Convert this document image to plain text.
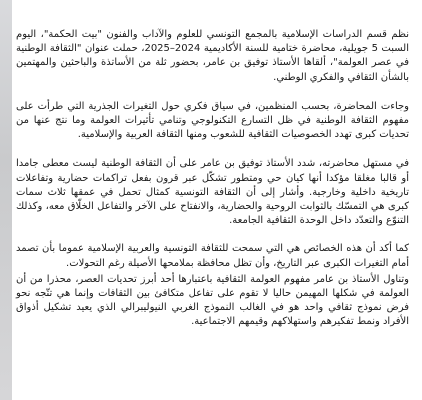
نظم قسم الدراسات الإسلامية بالمجمع التونسي للعلوم والآداب والفنون "بيت الحكمة"، اليوم السبت 5 جويلية، محاضرة ختامية للسنة الأكاديمية 2024–2025، حملت عنوان "الثقافة الوطنية في عصر العولمة"، ألقاها الأستاذ توفيق بن عامر، بحضور ثلة من الأساتذة والباحثين والمهتمين بالشأن الثقافي والفكري الوطني.

وجاءت المحاضرة، بحسب المنظمين، في سياق فكري حول التغيرات الجذرية التي طرأت على مفهوم الثقافة الوطنية في ظل التسارع التكنولوجي وتنامي تأثيرات العولمة وما نتج عنها من تحديات كبرى تهدد الخصوصيات الثقافية للشعوب ومنها الثقافة العربية والإسلامية.

في مستهل محاضرته، شدد الأستاذ توفيق بن عامر على أن الثقافة الوطنية ليست معطى جامدا أو قالبا مغلقا مؤكدا أنها كيان حي ومتطور تشكّل عبر قرون بفعل تراكمات حضارية وتفاعلات تاريخية داخلية وخارجية. وأشار إلى أن الثقافة التونسية كمثال تحمل في عمقها ثلاث سمات كبرى هي التمسّك بالثوابت الروحية والحضارية، والانفتاح على الآخر والتفاعل الخلّاق معه، وكذلك التنوّع والتعدّد داخل الوحدة الثقافية الجامعة.

كما أكد أن هذه الخصائص هي التي سمحت للثقافة التونسية والعربية الإسلامية عموما بأن تصمد أمام التغيرات الكبرى عبر التاريخ، وأن تظل محافظة بملامحها الأصيلة رغم التحولات.

وتناول الأستاذ بن عامر مفهوم العولمة الثقافية باعتبارها أحد أبرز تحديات العصر، محذرا من أن العولمة في شكلها المهيمن حاليا لا تقوم على تفاعل متكافئ بين الثقافات وإنما هي تتّجه نحو فرض نموذج ثقافي واحد هو في الغالب النموذج الغربي النيوليبرالي الذي يعيد تشكيل أذواق الأفراد ونمط تفكيرهم واستهلاكهم وقيمهم الاجتماعية.
